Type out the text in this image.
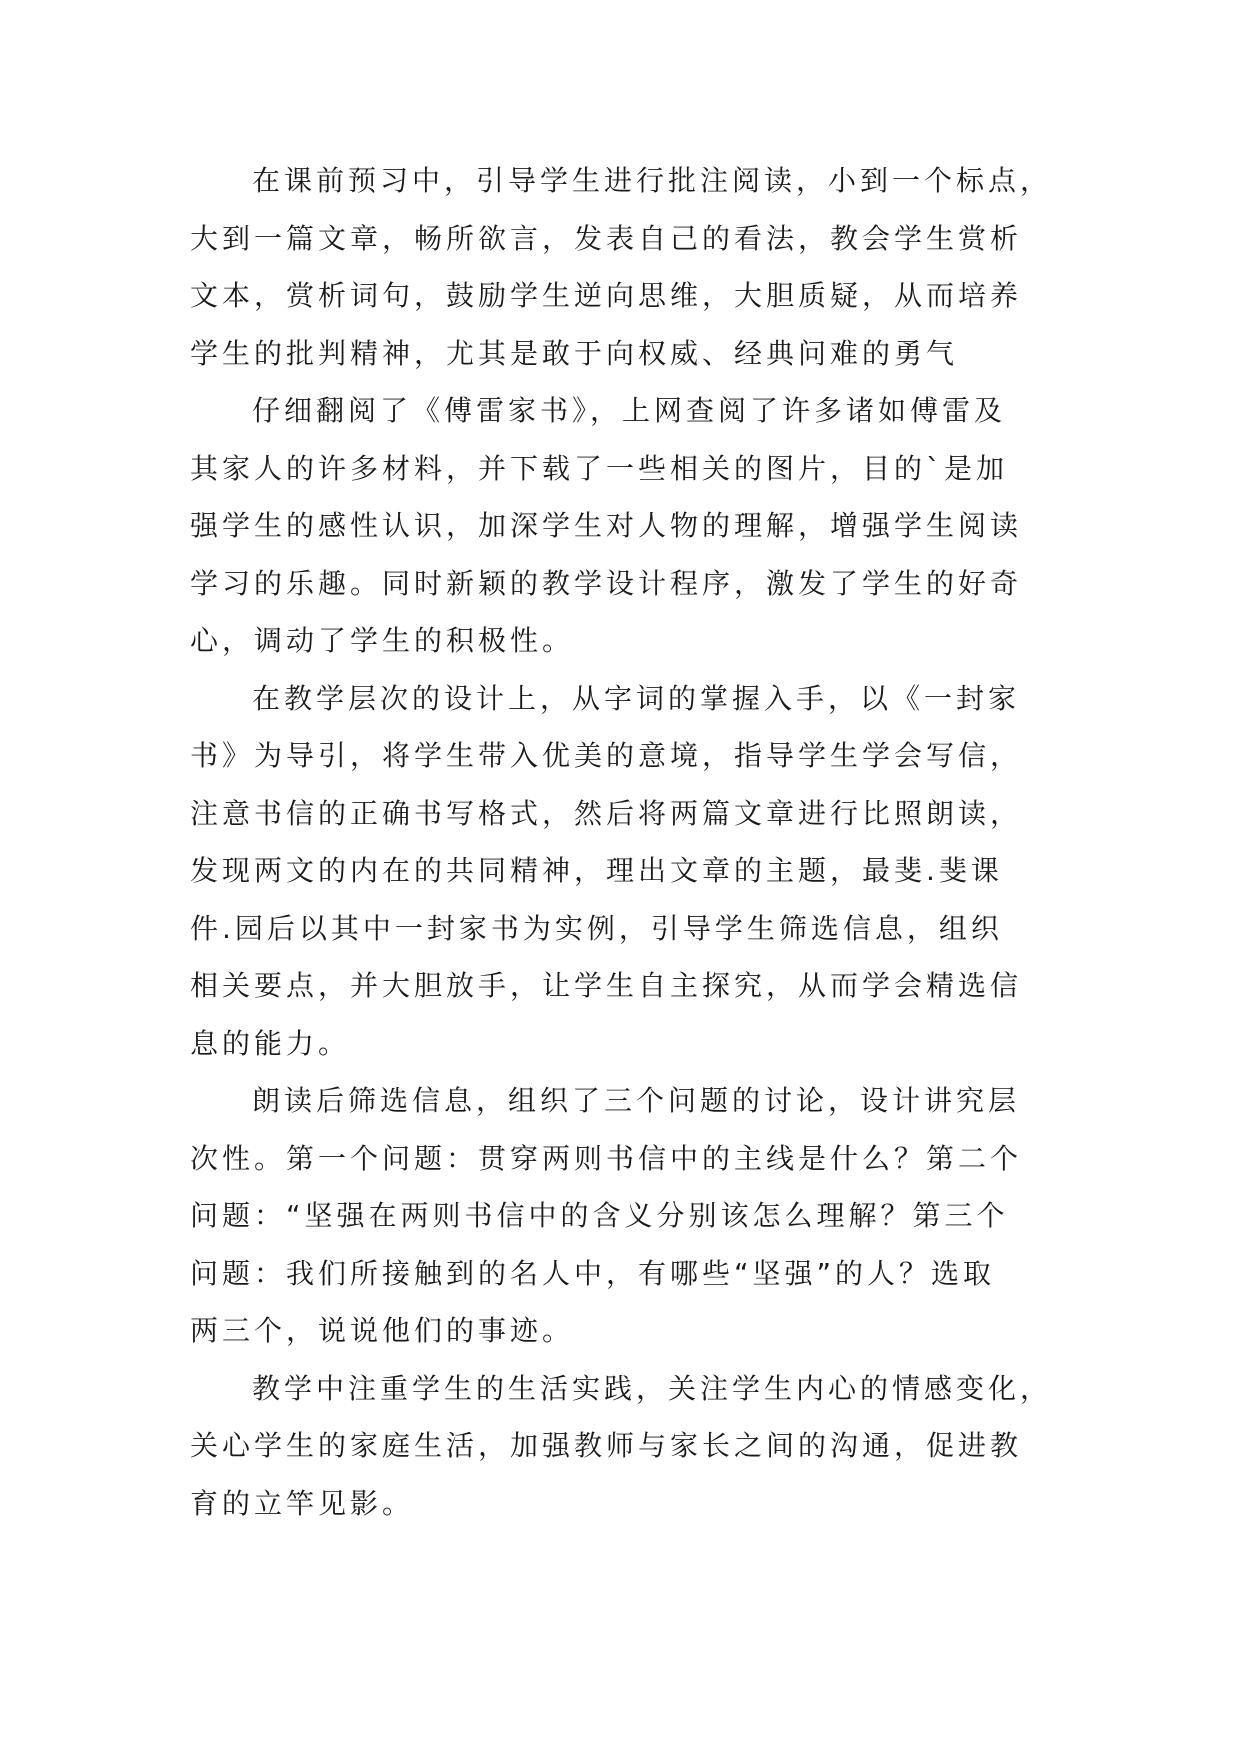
在课前预习中，引导学生进行批注阅读，小到一个标点，
大到一篇文章，畅所欲言，发表自己的看法，教会学生赏析
文本，赏析词句，鼓励学生逆向思维，大胆质疑，从而培养
学生的批判精神，尤其是敢于向权威、经典问难的勇气

仔细翻阅了《傅雷家书》，上网查阅了许多诸如傅雷及
其家人的许多材料，并下载了一些相关的图片，目的`是加
强学生的感性认识，加深学生对人物的理解，增强学生阅读
学习的乐趣。同时新颖的教学设计程序，激发了学生的好奇
心，调动了学生的积极性。

在教学层次的设计上，从字词的掌握入手，以《一封家
书》为导引，将学生带入优美的意境，指导学生学会写信，
注意书信的正确书写格式，然后将两篇文章进行比照朗读，
发现两文的内在的共同精神，理出文章的主题，最斐.斐课
件.园后以其中一封家书为实例，引导学生筛选信息，组织
相关要点，并大胆放手，让学生自主探究，从而学会精选信
息的能力。

朗读后筛选信息，组织了三个问题的讨论，设计讲究层
次性。第一个问题：贯穿两则书信中的主线是什么？第二个
问题：“坚强在两则书信中的含义分别该怎么理解？第三个
问题：我们所接触到的名人中，有哪些“坚强”的人？选取
两三个，说说他们的事迹。

教学中注重学生的生活实践，关注学生内心的情感变化，
关心学生的家庭生活，加强教师与家长之间的沟通，促进教
育的立竿见影。
